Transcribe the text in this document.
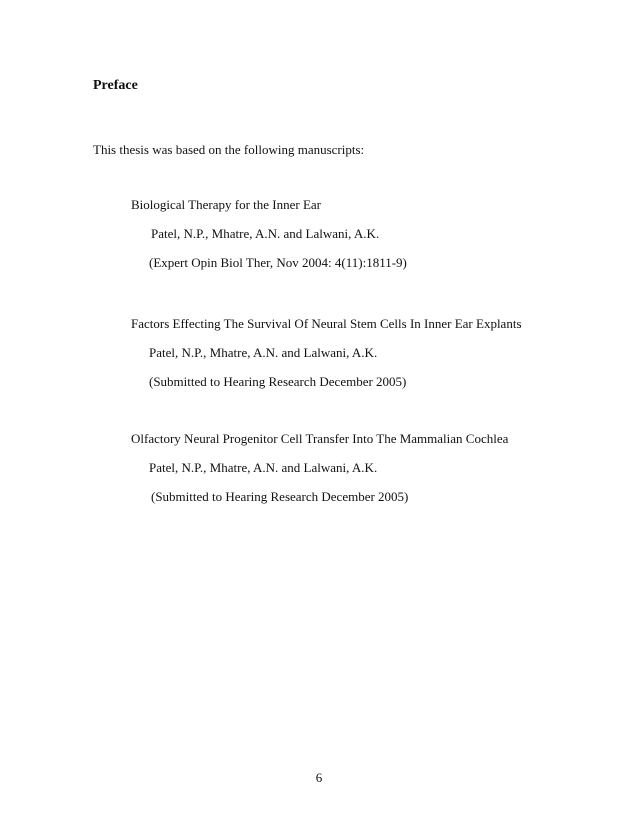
Preface
This thesis was based on the following manuscripts:
Biological Therapy for the Inner Ear
Patel, N.P., Mhatre, A.N. and Lalwani, A.K.
(Expert Opin Biol Ther, Nov 2004: 4(11):1811-9)
Factors Effecting The Survival Of Neural Stem Cells In Inner Ear Explants
Patel, N.P., Mhatre, A.N. and Lalwani, A.K.
(Submitted to Hearing Research December 2005)
Olfactory Neural Progenitor Cell Transfer Into The Mammalian Cochlea
Patel, N.P., Mhatre, A.N. and Lalwani, A.K.
(Submitted to Hearing Research December 2005)
6
